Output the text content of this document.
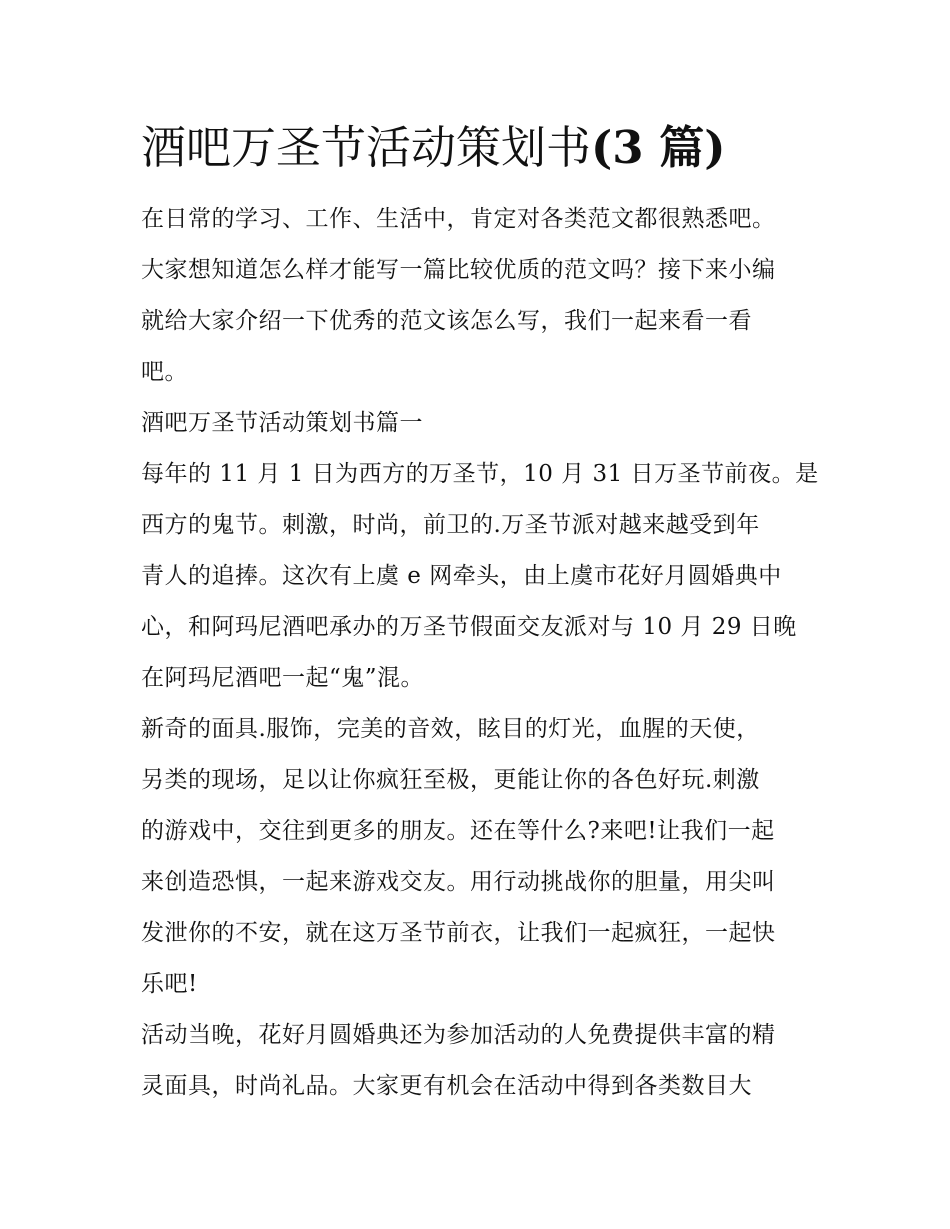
酒吧万圣节活动策划书(3 篇)

在日常的学习、工作、生活中，肯定对各类范文都很熟悉吧。
大家想知道怎么样才能写一篇比较优质的范文吗？接下来小编
就给大家介绍一下优秀的范文该怎么写，我们一起来看一看
吧。

酒吧万圣节活动策划书篇一

每年的 11 月 1 日为西方的万圣节，10 月 31 日万圣节前夜。是
西方的鬼节。刺激，时尚，前卫的.万圣节派对越来越受到年
青人的追捧。这次有上虞 e 网牵头，由上虞市花好月圆婚典中
心，和阿玛尼酒吧承办的万圣节假面交友派对与 10 月 29 日晚
在阿玛尼酒吧一起“鬼”混。

新奇的面具.服饰，完美的音效，眩目的灯光，血腥的天使，
另类的现场，足以让你疯狂至极，更能让你的各色好玩.刺激
的游戏中，交往到更多的朋友。还在等什么?来吧!让我们一起
来创造恐惧，一起来游戏交友。用行动挑战你的胆量，用尖叫
发泄你的不安，就在这万圣节前衣，让我们一起疯狂，一起快
乐吧!

活动当晚，花好月圆婚典还为参加活动的人免费提供丰富的精
灵面具，时尚礼品。大家更有机会在活动中得到各类数目大
